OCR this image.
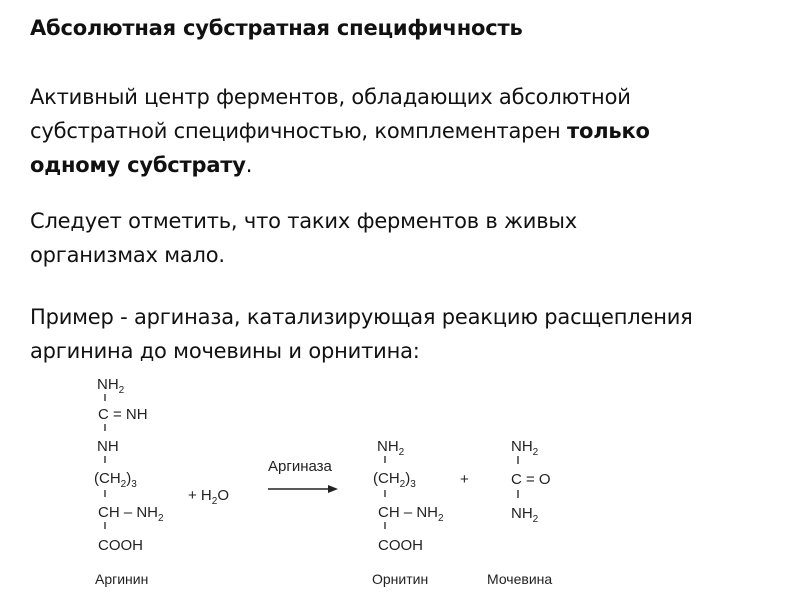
Абсолютная субстратная специфичность

Активный центр ферментов, обладающих абсолютной
субстратной специфичностью, комплементарен только
одному субстрату.

Следует отметить, что таких ферментов в живых
организмах мало.

Пример - аргиназа, катализирующая реакцию расщепления
аргинина до мочевины и орнитина:

$NH_2$
C = NH
NH
$(CH_2)_3$
CH – $NH_2$
COOH
Аргинин
+ $H_2O$
Аргиназа
$NH_2$
$(CH_2)_3$
CH – $NH_2$
COOH
Орнитин
+
$NH_2$
C = O
$NH_2$
Мочевина
